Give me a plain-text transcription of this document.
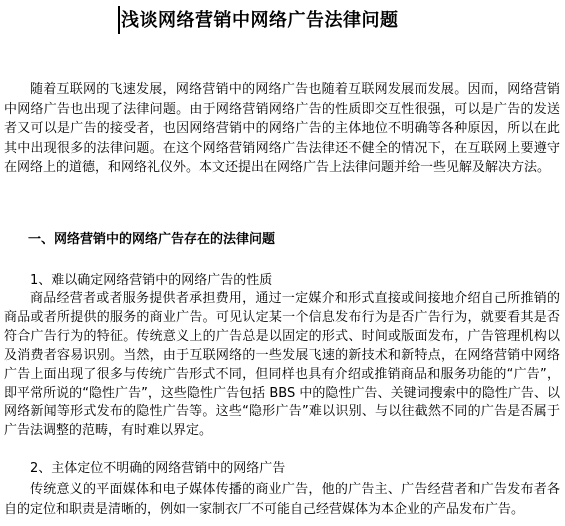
浅谈网络营销中网络广告法律问题
随着互联网的飞速发展，网络营销中的网络广告也随着互联网发展而发展。因而，网络营销中网络广告也出现了法律问题。由于网络营销网络广告的性质即交互性很强，可以是广告的发送者又可以是广告的接受者，也因网络营销中的网络广告的主体地位不明确等各种原因，所以在此其中出现很多的法律问题。在这个网络营销网络广告法律还不健全的情况下，在互联网上要遵守在网络上的道德，和网络礼仪外。本文还提出在网络广告上法律问题并给一些见解及解决方法。
一、网络营销中的网络广告存在的法律问题
1、难以确定网络营销中的网络广告的性质
商品经营者或者服务提供者承担费用，通过一定媒介和形式直接或间接地介绍自己所推销的商品或者所提供的服务的商业广告。可见认定某一个信息发布行为是否广告行为，就要看其是否符合广告行为的特征。传统意义上的广告总是以固定的形式、时间或版面发布，广告管理机构以及消费者容易识别。当然，由于互联网络的一些发展飞速的新技术和新特点，在网络营销中网络广告上面出现了很多与传统广告形式不同，但同样也具有介绍或推销商品和服务功能的“广告”，即平常所说的“隐性广告”，这些隐性广告包括 BBS 中的隐性广告、关键词搜索中的隐性广告、以网络新闻等形式发布的隐性广告等。这些“隐形广告”难以识别、与以往截然不同的广告是否属于广告法调整的范畴，有时难以界定。
2、主体定位不明确的网络营销中的网络广告
传统意义的平面媒体和电子媒体传播的商业广告，他的广告主、广告经营者和广告发布者各自的定位和职责是清晰的，例如一家制衣厂不可能自己经营媒体为本企业的产品发布广告。
